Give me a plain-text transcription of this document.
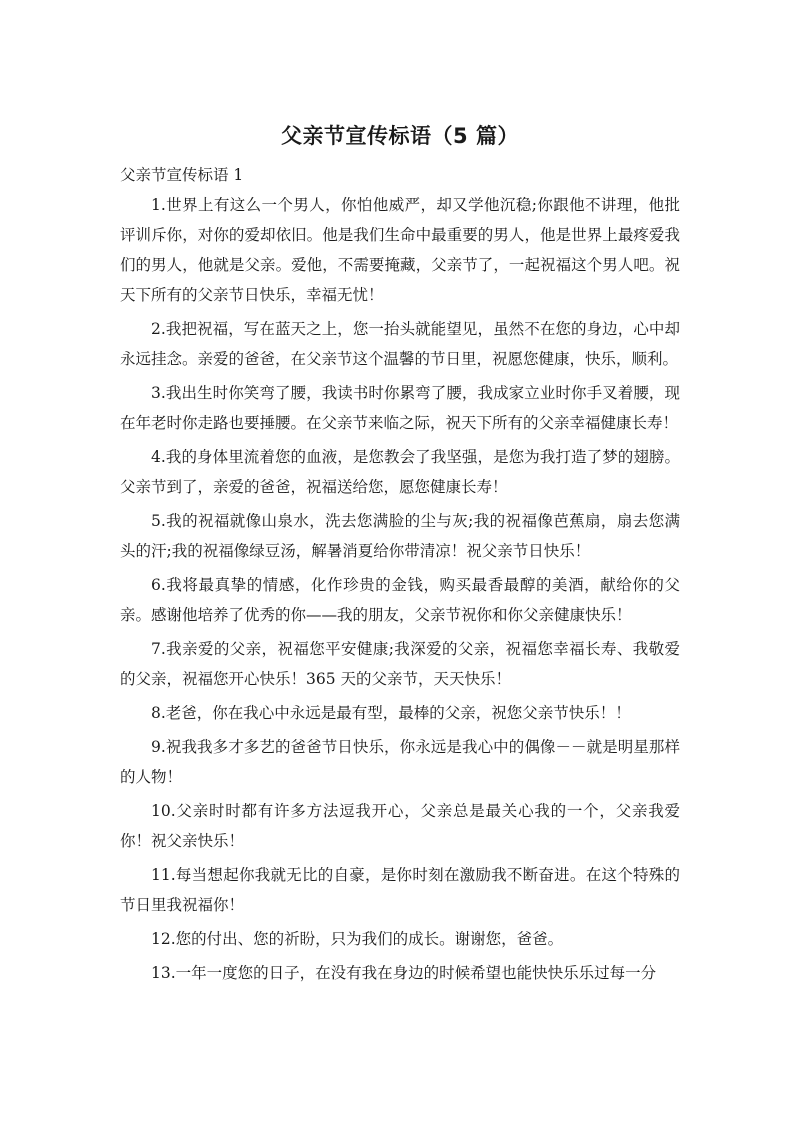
父亲节宣传标语（5 篇）

父亲节宣传标语 1

1.世界上有这么一个男人，你怕他威严，却又学他沉稳;你跟他不讲理，他批评训斥你，对你的爱却依旧。他是我们生命中最重要的男人，他是世界上最疼爱我们的男人，他就是父亲。爱他，不需要掩藏，父亲节了，一起祝福这个男人吧。祝天下所有的父亲节日快乐，幸福无忧！

2.我把祝福，写在蓝天之上，您一抬头就能望见，虽然不在您的身边，心中却永远挂念。亲爱的爸爸，在父亲节这个温馨的节日里，祝愿您健康，快乐，顺利。

3.我出生时你笑弯了腰，我读书时你累弯了腰，我成家立业时你手叉着腰，现在年老时你走路也要捶腰。在父亲节来临之际，祝天下所有的父亲幸福健康长寿！

4.我的身体里流着您的血液，是您教会了我坚强，是您为我打造了梦的翅膀。父亲节到了，亲爱的爸爸，祝福送给您，愿您健康长寿！

5.我的祝福就像山泉水，洗去您满脸的尘与灰;我的祝福像芭蕉扇，扇去您满头的汗;我的祝福像绿豆汤，解暑消夏给你带清凉！祝父亲节日快乐！

6.我将最真挚的情感，化作珍贵的金钱，购买最香最醇的美酒，献给你的父亲。感谢他培养了优秀的你——我的朋友，父亲节祝你和你父亲健康快乐！

7.我亲爱的父亲，祝福您平安健康;我深爱的父亲，祝福您幸福长寿、我敬爱的父亲，祝福您开心快乐！365 天的父亲节，天天快乐！

8.老爸，你在我心中永远是最有型，最棒的父亲，祝您父亲节快乐！！

9.祝我我多才多艺的爸爸节日快乐，你永远是我心中的偶像－－就是明星那样的人物！

10.父亲时时都有许多方法逗我开心，父亲总是最关心我的一个，父亲我爱你！祝父亲快乐！

11.每当想起你我就无比的自豪，是你时刻在激励我不断奋进。在这个特殊的节日里我祝福你！

12.您的付出、您的祈盼，只为我们的成长。谢谢您，爸爸。

13.一年一度您的日子，在没有我在身边的时候希望也能快快乐乐过每一分
